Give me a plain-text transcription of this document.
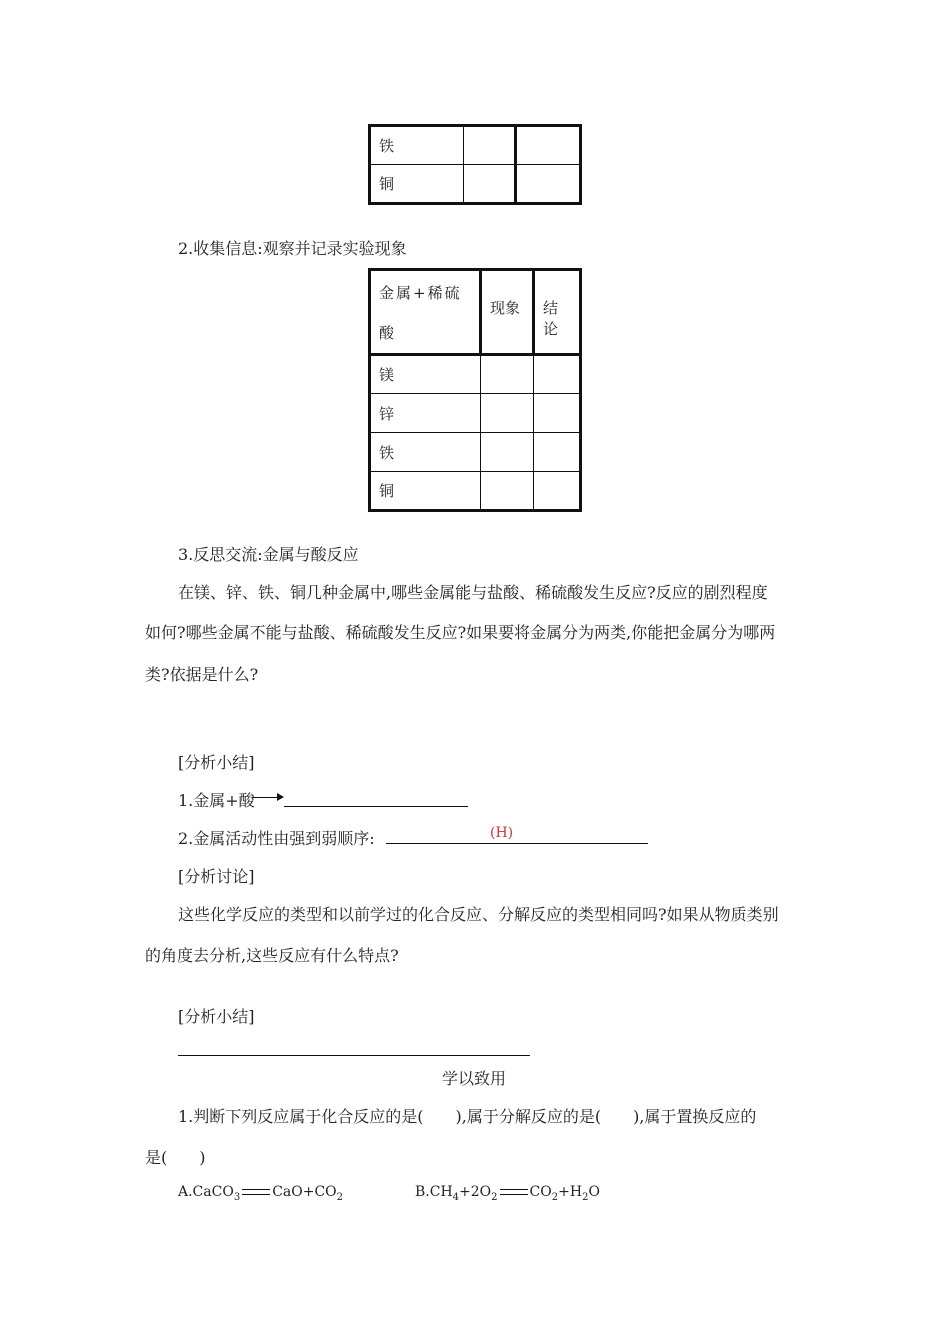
铁		
铜		
2.收集信息:观察并记录实验现象
金属+稀硫
酸	现象	结论
镁		
锌		
铁		
铜		
3.反思交流:金属与酸反应
在镁、锌、铁、铜几种金属中,哪些金属能与盐酸、稀硫酸发生反应?反应的剧烈程度
如何?哪些金属不能与盐酸、稀硫酸发生反应?如果要将金属分为两类,你能把金属分为哪两
类?依据是什么?
[分析小结]
1.金属+酸
2.金属活动性由强到弱顺序:	(H)
[分析讨论]
这些化学反应的类型和以前学过的化合反应、分解反应的类型相同吗?如果从物质类别
的角度去分析,这些反应有什么特点?
[分析小结]
学以致用
1.判断下列反应属于化合反应的是(　　),属于分解反应的是(　　),属于置换反应的
是(　　)
A.CaCO$_3$ $CaO+CO_2$	$B.CH_4+2O_2$ $CO_2+H_2O$
